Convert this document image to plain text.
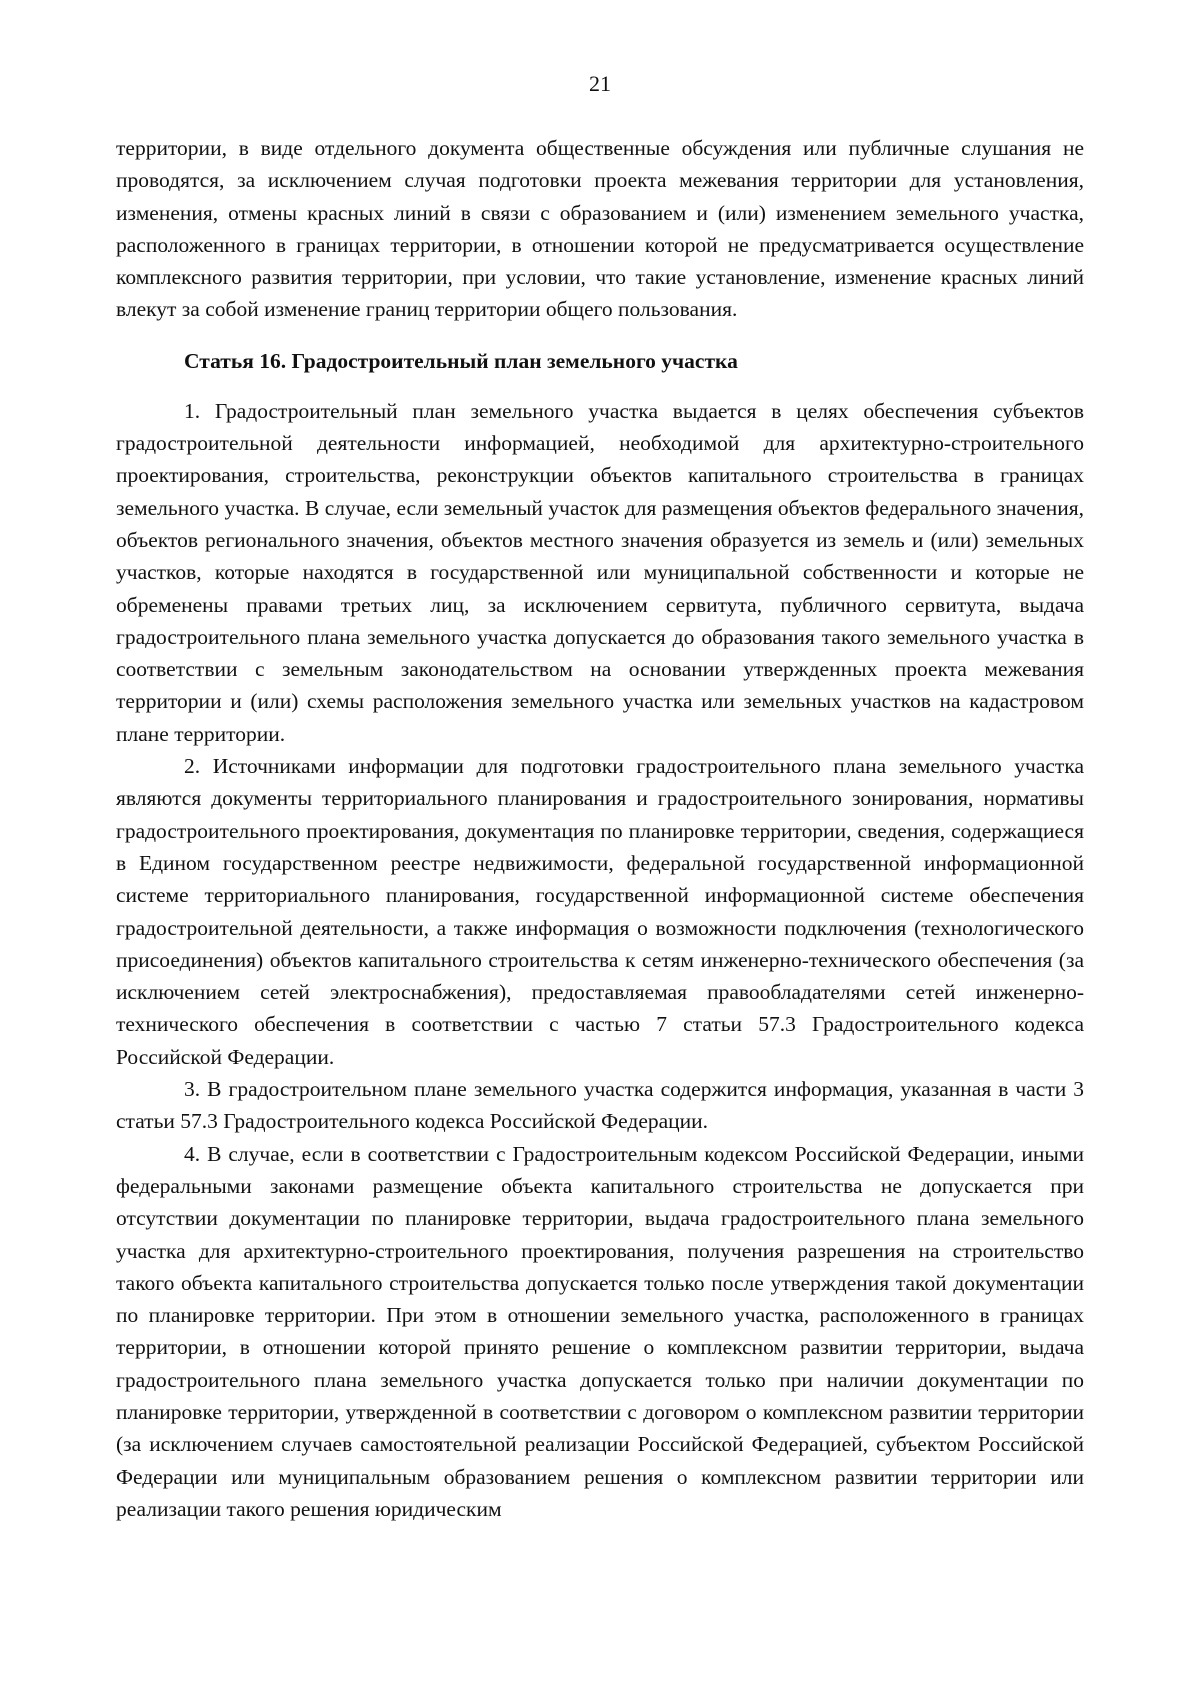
21

территории, в виде отдельного документа общественные обсуждения или публичные слушания не проводятся, за исключением случая подготовки проекта межевания территории для установления, изменения, отмены красных линий в связи с образованием и (или) изменением земельного участка, расположенного в границах территории, в отношении которой не предусматривается осуществление комплексного развития территории, при условии, что такие установление, изменение красных линий влекут за собой изменение границ территории общего пользования.

Статья 16. Градостроительный план земельного участка

1. Градостроительный план земельного участка выдается в целях обеспечения субъектов градостроительной деятельности информацией, необходимой для архитектурно-строительного проектирования, строительства, реконструкции объектов капитального строительства в границах земельного участка. В случае, если земельный участок для размещения объектов федерального значения, объектов регионального значения, объектов местного значения образуется из земель и (или) земельных участков, которые находятся в государственной или муниципальной собственности и которые не обременены правами третьих лиц, за исключением сервитута, публичного сервитута, выдача градостроительного плана земельного участка допускается до образования такого земельного участка в соответствии с земельным законодательством на основании утвержденных проекта межевания территории и (или) схемы расположения земельного участка или земельных участков на кадастровом плане территории.

2. Источниками информации для подготовки градостроительного плана земельного участка являются документы территориального планирования и градостроительного зонирования, нормативы градостроительного проектирования, документация по планировке территории, сведения, содержащиеся в Едином государственном реестре недвижимости, федеральной государственной информационной системе территориального планирования, государственной информационной системе обеспечения градостроительной деятельности, а также информация о возможности подключения (технологического присоединения) объектов капитального строительства к сетям инженерно-технического обеспечения (за исключением сетей электроснабжения), предоставляемая правообладателями сетей инженерно-технического обеспечения в соответствии с частью 7 статьи 57.3 Градостроительного кодекса Российской Федерации.

3. В градостроительном плане земельного участка содержится информация, указанная в части 3 статьи 57.3 Градостроительного кодекса Российской Федерации.

4. В случае, если в соответствии с Градостроительным кодексом Российской Федерации, иными федеральными законами размещение объекта капитального строительства не допускается при отсутствии документации по планировке территории, выдача градостроительного плана земельного участка для архитектурно-строительного проектирования, получения разрешения на строительство такого объекта капитального строительства допускается только после утверждения такой документации по планировке территории. При этом в отношении земельного участка, расположенного в границах территории, в отношении которой принято решение о комплексном развитии территории, выдача градостроительного плана земельного участка допускается только при наличии документации по планировке территории, утвержденной в соответствии с договором о комплексном развитии территории (за исключением случаев самостоятельной реализации Российской Федерацией, субъектом Российской Федерации или муниципальным образованием решения о комплексном развитии территории или реализации такого решения юридическим
